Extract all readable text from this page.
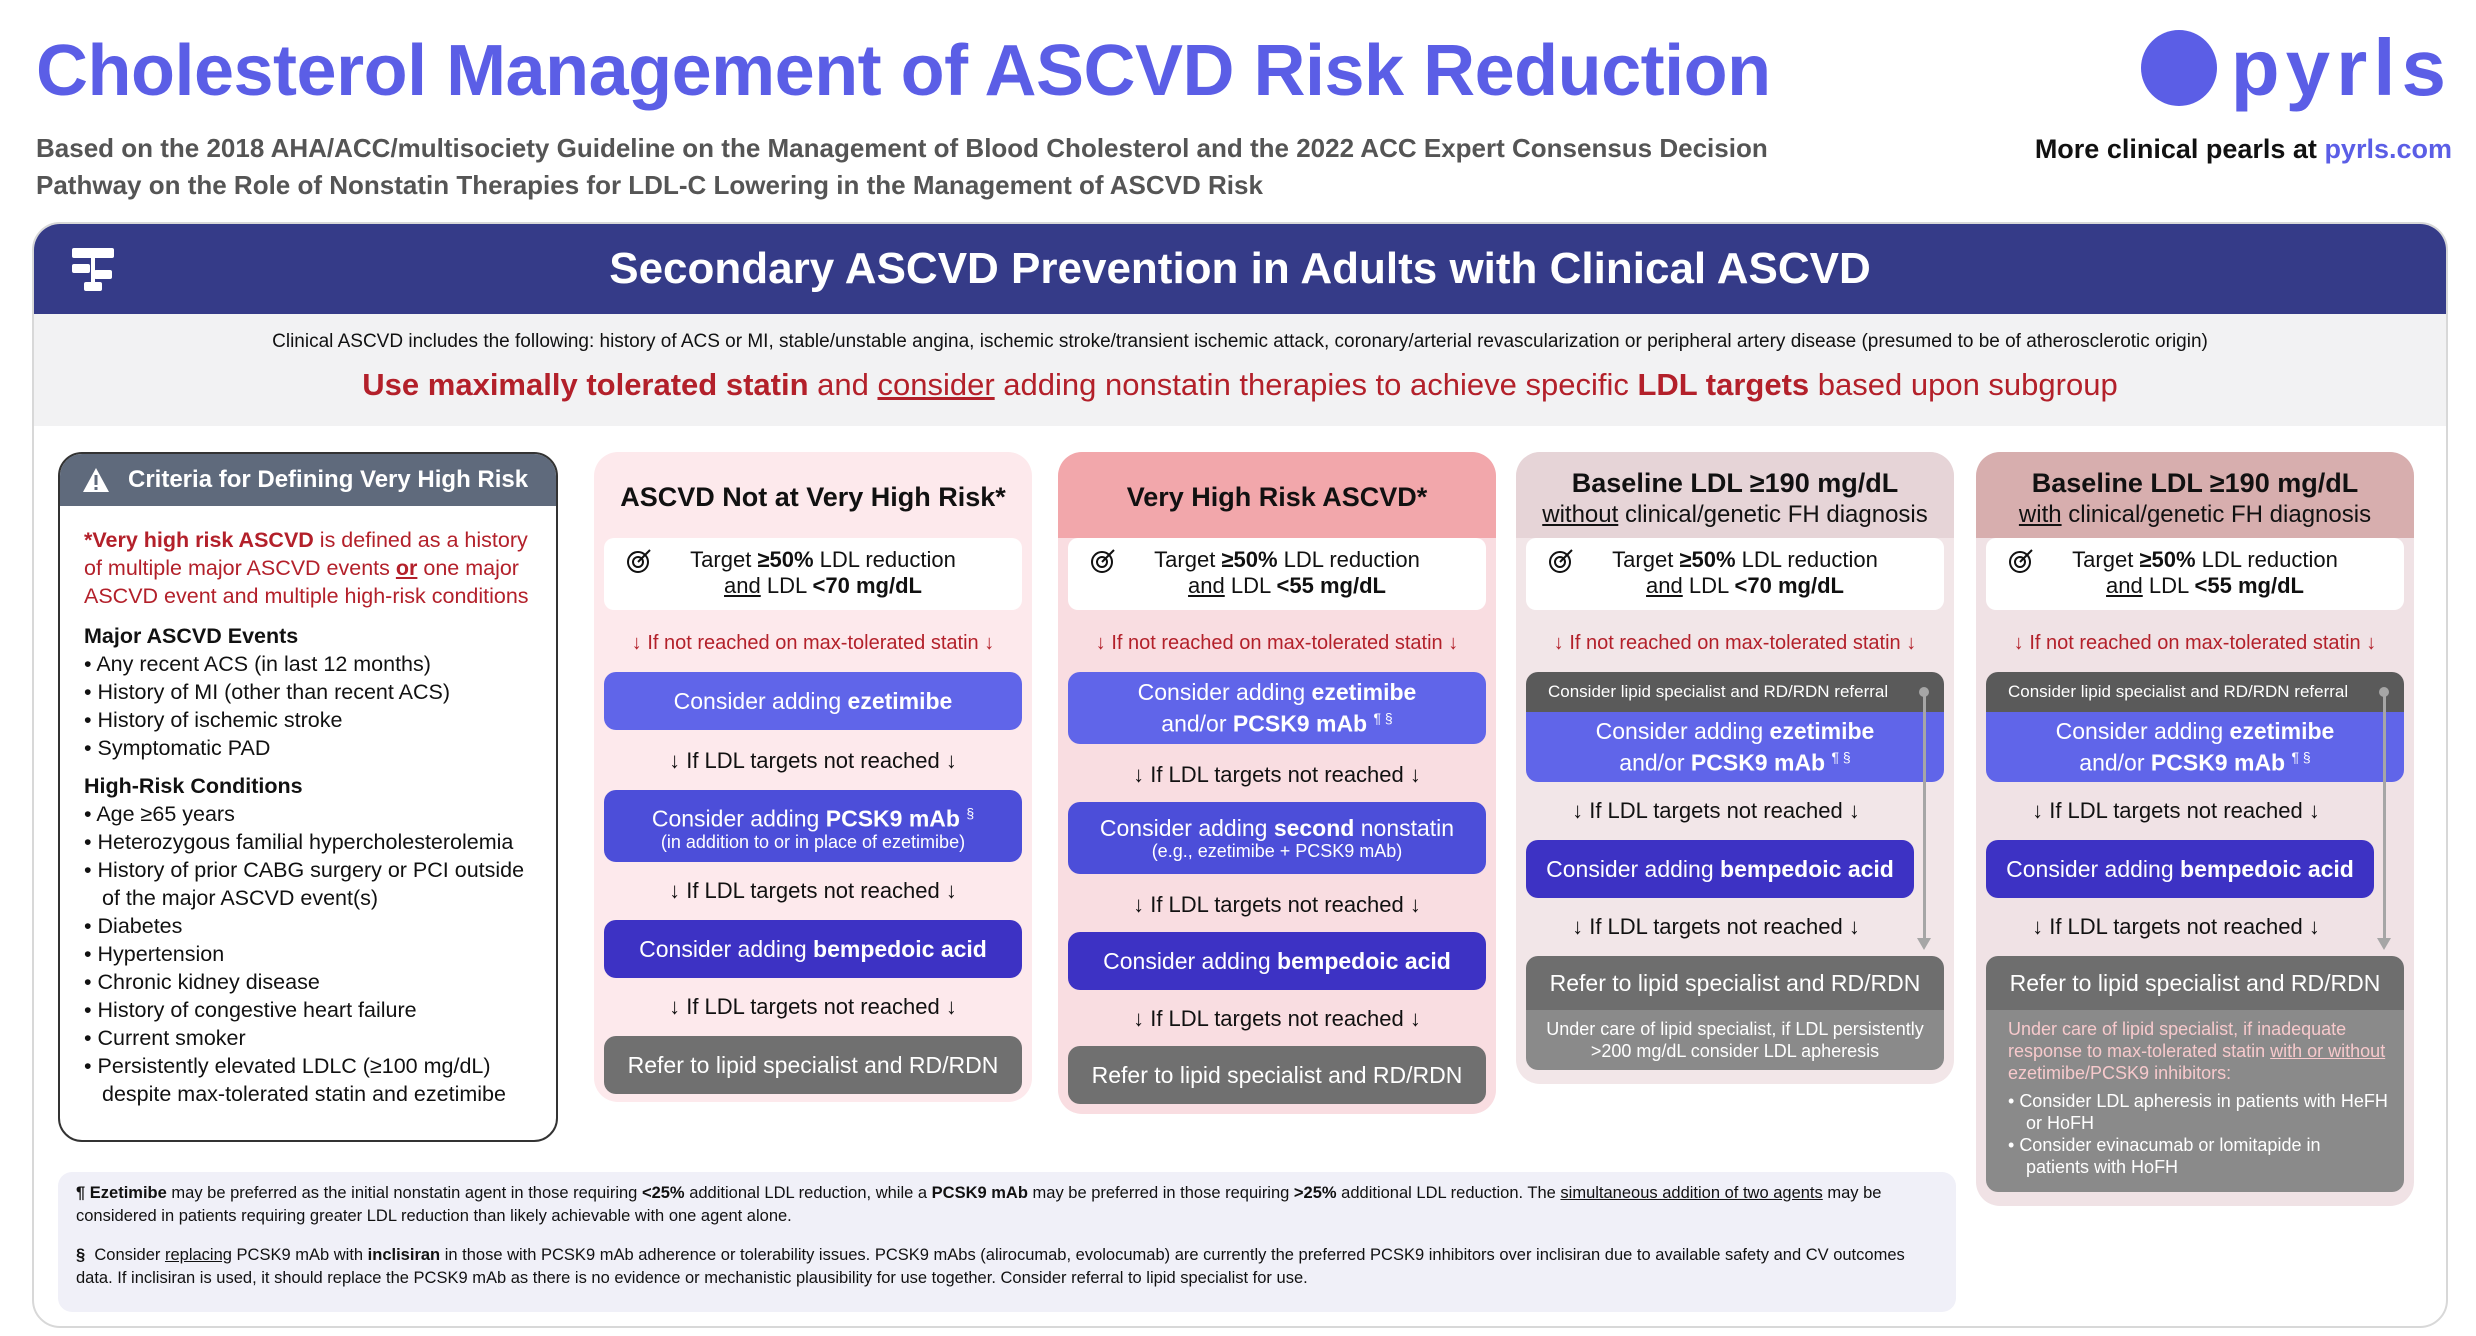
Cholesterol Management of ASCVD Risk Reduction
Based on the 2018 AHA/ACC/multisociety Guideline on the Management of Blood Cholesterol and the 2022 ACC Expert Consensus Decision
Pathway on the Role of Nonstatin Therapies for LDL-C Lowering in the Management of ASCVD Risk
pyrls
More clinical pearls at pyrls.com
Secondary ASCVD Prevention in Adults with Clinical ASCVD
Clinical ASCVD includes the following: history of ACS or MI, stable/unstable angina, ischemic stroke/transient ischemic attack, coronary/arterial revascularization or peripheral artery disease (presumed to be of atherosclerotic origin)
Use maximally tolerated statin and consider adding nonstatin therapies to achieve specific LDL targets based upon subgroup
Criteria for Defining Very High Risk
*Very high risk ASCVD is defined as a history of multiple major ASCVD events or one major ASCVD event and multiple high-risk conditions
Major ASCVD Events
• Any recent ACS (in last 12 months)
• History of MI (other than recent ACS)
• History of ischemic stroke
• Symptomatic PAD
High-Risk Conditions
• Age ≥65 years
• Heterozygous familial hypercholesterolemia
• History of prior CABG surgery or PCI outside of the major ASCVD event(s)
• Diabetes
• Hypertension
• Chronic kidney disease
• History of congestive heart failure
• Current smoker
• Persistently elevated LDLC (≥100 mg/dL) despite max-tolerated statin and ezetimibe
ASCVD Not at Very High Risk*
Target ≥50% LDL reduction
and LDL <70 mg/dL
↓ If not reached on max-tolerated statin ↓
Consider adding ezetimibe
↓ If LDL targets not reached ↓
Consider adding PCSK9 mAb §
(in addition to or in place of ezetimibe)
↓ If LDL targets not reached ↓
Consider adding bempedoic acid
↓ If LDL targets not reached ↓
Refer to lipid specialist and RD/RDN
Very High Risk ASCVD*
Target ≥50% LDL reduction
and LDL <55 mg/dL
↓ If not reached on max-tolerated statin ↓
Consider adding ezetimibe
and/or PCSK9 mAb ¶ §
↓ If LDL targets not reached ↓
Consider adding second nonstatin
(e.g., ezetimibe + PCSK9 mAb)
↓ If LDL targets not reached ↓
Consider adding bempedoic acid
↓ If LDL targets not reached ↓
Refer to lipid specialist and RD/RDN
Baseline LDL ≥190 mg/dL
without clinical/genetic FH diagnosis
Target ≥50% LDL reduction
and LDL <70 mg/dL
↓ If not reached on max-tolerated statin ↓
Consider lipid specialist and RD/RDN referral
Consider adding ezetimibe
and/or PCSK9 mAb ¶ §
↓ If LDL targets not reached ↓
Consider adding bempedoic acid
↓ If LDL targets not reached ↓
Refer to lipid specialist and RD/RDN
Under care of lipid specialist, if LDL persistently >200 mg/dL consider LDL apheresis
Baseline LDL ≥190 mg/dL
with clinical/genetic FH diagnosis
Target ≥50% LDL reduction
and LDL <55 mg/dL
↓ If not reached on max-tolerated statin ↓
Consider lipid specialist and RD/RDN referral
Consider adding ezetimibe
and/or PCSK9 mAb ¶ §
↓ If LDL targets not reached ↓
Consider adding bempedoic acid
↓ If LDL targets not reached ↓
Refer to lipid specialist and RD/RDN
Under care of lipid specialist, if inadequate response to max-tolerated statin with or without ezetimibe/PCSK9 inhibitors:
• Consider LDL apheresis in patients with HeFH or HoFH
• Consider evinacumab or lomitapide in patients with HoFH
¶ Ezetimibe may be preferred as the initial nonstatin agent in those requiring <25% additional LDL reduction, while a PCSK9 mAb may be preferred in those requiring >25% additional LDL reduction. The simultaneous addition of two agents may be considered in patients requiring greater LDL reduction than likely achievable with one agent alone.
§ Consider replacing PCSK9 mAb with inclisiran in those with PCSK9 mAb adherence or tolerability issues. PCSK9 mAbs (alirocumab, evolocumab) are currently the preferred PCSK9 inhibitors over inclisiran due to available safety and CV outcomes data. If inclisiran is used, it should replace the PCSK9 mAb as there is no evidence or mechanistic plausibility for use together. Consider referral to lipid specialist for use.
